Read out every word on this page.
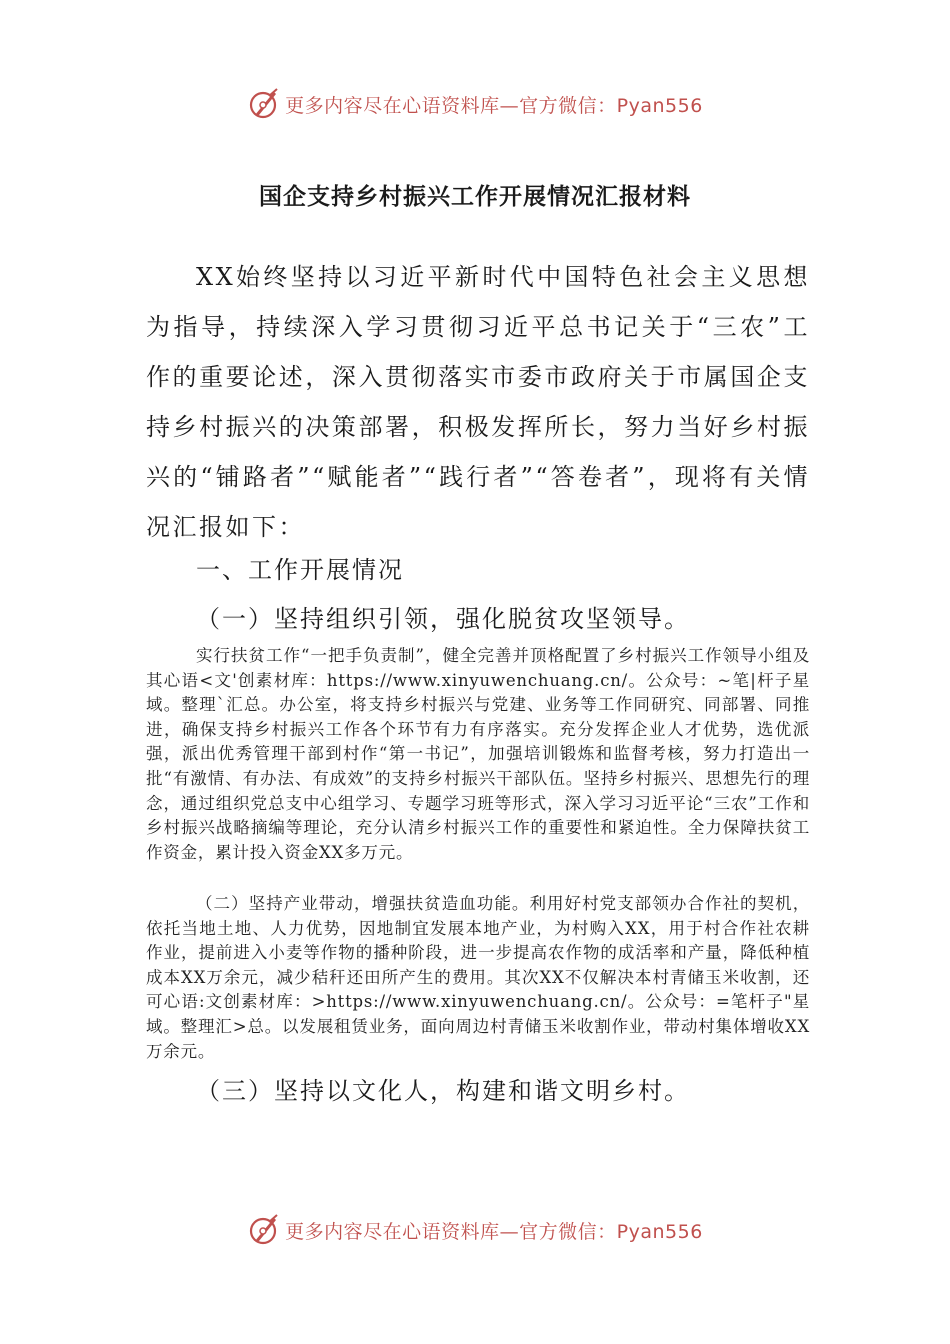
更多内容尽在心语资料库—官方微信：Pyan556
国企支持乡村振兴工作开展情况汇报材料

XX始终坚持以习近平新时代中国特色社会主义思想为指导，持续深入学习贯彻习近平总书记关于“三农”工作的重要论述，深入贯彻落实市委市政府关于市属国企支持乡村振兴的决策部署，积极发挥所长，努力当好乡村振兴的“铺路者”“赋能者”“践行者”“答卷者”，现将有关情况汇报如下：

一、工作开展情况
（一）坚持组织引领，强化脱贫攻坚领导。

实行扶贫工作“一把手负责制”，健全完善并顶格配置了乡村振兴工作领导小组及其心语<文'创素材库：https://www.xinyuwenchuang.cn/。公众号：~笔|杆子星域。整理`汇总。办公室，将支持乡村振兴与党建、业务等工作同研究、同部署、同推进，确保支持乡村振兴工作各个环节有力有序落实。充分发挥企业人才优势，选优派强，派出优秀管理干部到村作“第一书记”，加强培训锻炼和监督考核，努力打造出一批“有激情、有办法、有成效”的支持乡村振兴干部队伍。坚持乡村振兴、思想先行的理念，通过组织党总支中心组学习、专题学习班等形式，深入学习习近平论“三农”工作和乡村振兴战略摘编等理论，充分认清乡村振兴工作的重要性和紧迫性。全力保障扶贫工作资金，累计投入资金XX多万元。

（二）坚持产业带动，增强扶贫造血功能。利用好村党支部领办合作社的契机，依托当地土地、人力优势，因地制宜发展本地产业，为村购入XX，用于村合作社农耕作业，提前进入小麦等作物的播种阶段，进一步提高农作物的成活率和产量，降低种植成本XX万余元，减少秸秆还田所产生的费用。其次XX不仅解决本村青储玉米收割，还可心语:文创素材库：>https://www.xinyuwenchuang.cn/。公众号：=笔杆子"星域。整理汇>总。以发展租赁业务，面向周边村青储玉米收割作业，带动村集体增收XX万余元。

（三）坚持以文化人，构建和谐文明乡村。
更多内容尽在心语资料库—官方微信：Pyan556
